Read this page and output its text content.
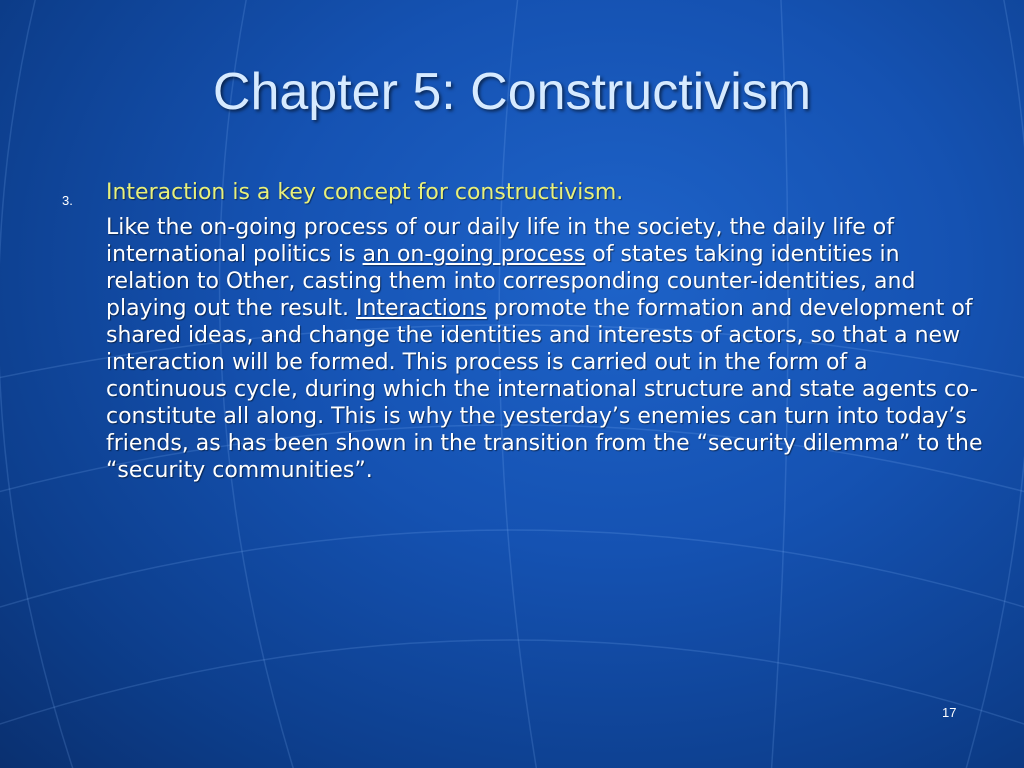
Chapter 5: Constructivism
3. Interaction is a key concept for constructivism.
Like the on-going process of our daily life in the society, the daily life of international politics is an on-going process of states taking identities in relation to Other, casting them into corresponding counter-identities, and playing out the result. Interactions promote the formation and development of shared ideas, and change the identities and interests of actors, so that a new interaction will be formed. This process is carried out in the form of a continuous cycle, during which the international structure and state agents co-constitute all along. This is why the yesterday’s enemies can turn into today’s friends, as has been shown in the transition from the “security dilemma” to the “security communities”.
17
